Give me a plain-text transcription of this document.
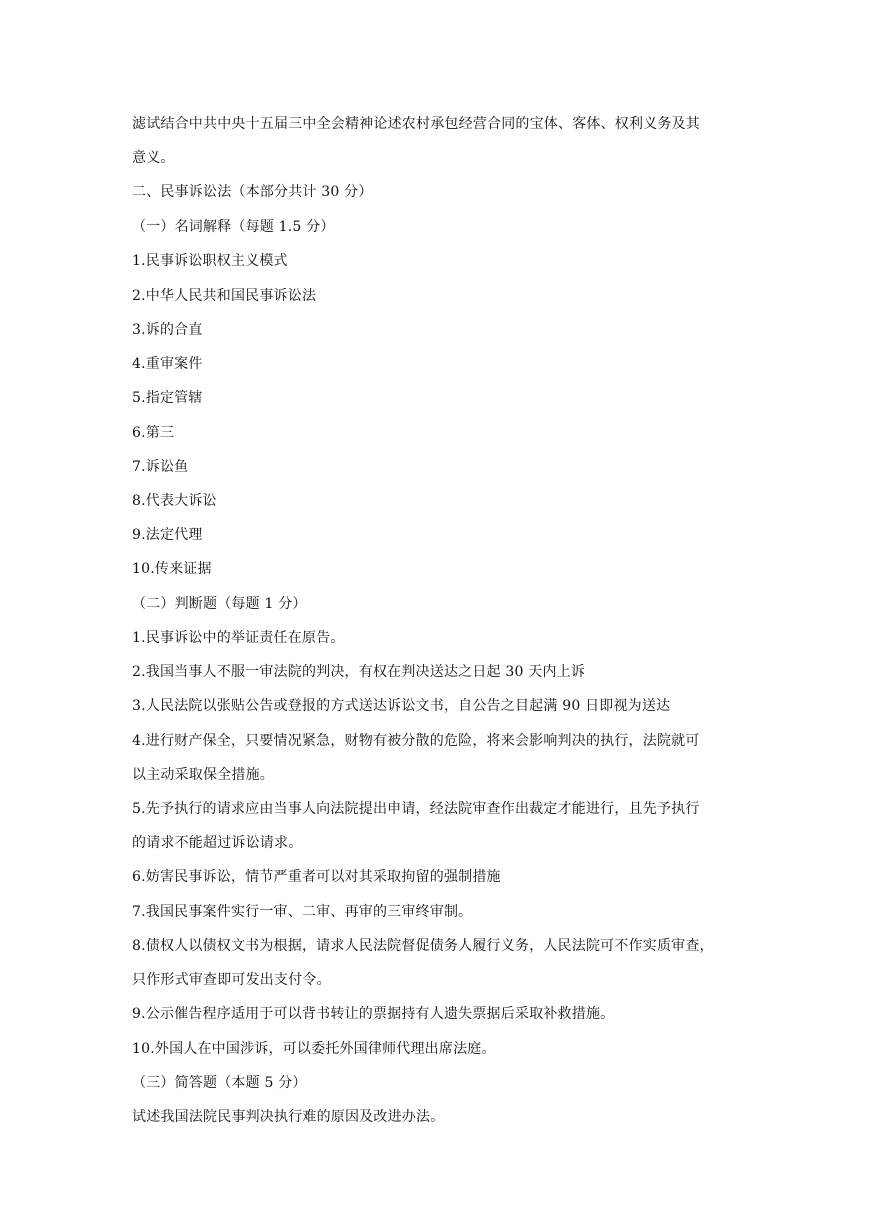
滤试结合中共中央十五届三中全会精神论述农村承包经营合同的宝体、客体、权利义务及其
意义。
二、民事诉讼法（本部分共计 30 分）
（一）名词解释（每题 1.5 分）
1.民事诉讼职权主义模式
2.中华人民共和国民事诉讼法
3.诉的合直
4.重审案件
5.指定管辖
6.第三
7.诉讼鱼
8.代表大诉讼
9.法定代理
10.传来证据
（二）判断题（每题 1 分）
1.民事诉讼中的举证责任在原告。
2.我国当事人不服一审法院的判决，有权在判决送达之日起 30 天内上诉
3.人民法院以张贴公告或登报的方式送达诉讼文书，自公告之目起满 90 日即视为送达
4.进行财产保全，只要情况紧急，财物有被分散的危险，将来会影响判决的执行，法院就可
以主动采取保全措施。
5.先予执行的请求应由当事人向法院提出申请，经法院审查作出裁定才能进行，且先予执行
的请求不能超过诉讼请求。
6.妨害民事诉讼，情节严重者可以对其采取拘留的强制措施
7.我国民事案件实行一审、二审、再审的三审终审制。
8.债权人以债权文书为根据，请求人民法院督促债务人履行义务，人民法院可不作实质审查，
只作形式审查即可发出支付令。
9.公示催告程序适用于可以背书转让的票据持有人遗失票据后采取补救措施。
10.外国人在中国涉诉，可以委托外国律师代理出席法庭。
（三）简答题（本题 5 分）
试述我国法院民事判决执行难的原因及改进办法。
